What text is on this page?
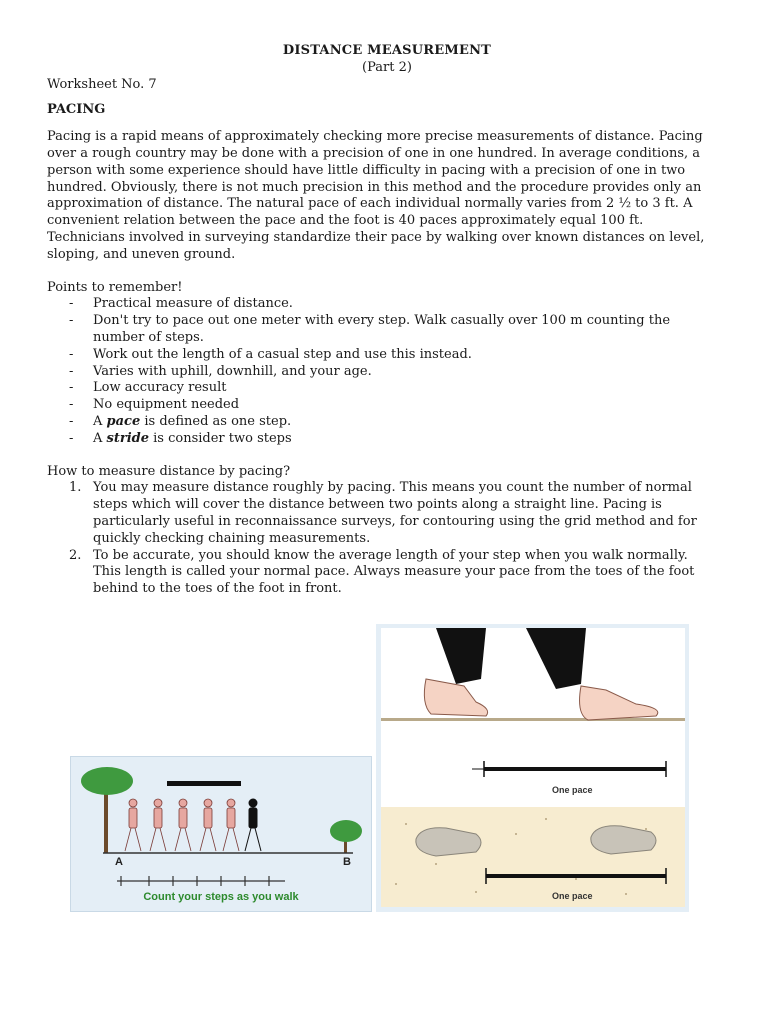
DISTANCE MEASUREMENT

(Part 2)

Worksheet No. 7

PACING

Pacing is a rapid means of approximately checking more precise measurements of distance. Pacing over a rough country may be done with a precision of one in one hundred. In average conditions, a person with some experience should have little difficulty in pacing with a precision of one in two hundred. Obviously, there is not much precision in this method and the procedure provides only an approximation of distance. The natural pace of each individual normally varies from 2 ½ to 3 ft. A convenient relation between the pace and the foot is 40 paces approximately equal 100 ft. Technicians involved in surveying standardize their pace by walking over known distances on level, sloping, and uneven ground.

Points to remember!

- Practical measure of distance.
- Don't try to pace out one meter with every step. Walk casually over 100 m counting the number of steps.
- Work out the length of a casual step and use this instead.
- Varies with uphill, downhill, and your age.
- Low accuracy result
- No equipment needed
- A pace is defined as one step.
- A stride is consider two steps

How to measure distance by pacing?

1. You may measure distance roughly by pacing. This means you count the number of normal steps which will cover the distance between two points along a straight line. Pacing is particularly useful in reconnaissance surveys, for contouring using the grid method and for quickly checking chaining measurements.
2. To be accurate, you should know the average length of your step when you walk normally. This length is called your normal pace. Always measure your pace from the toes of the foot behind to the toes of the foot in front.
A	B
Count your steps as you walk
One pace
One pace
